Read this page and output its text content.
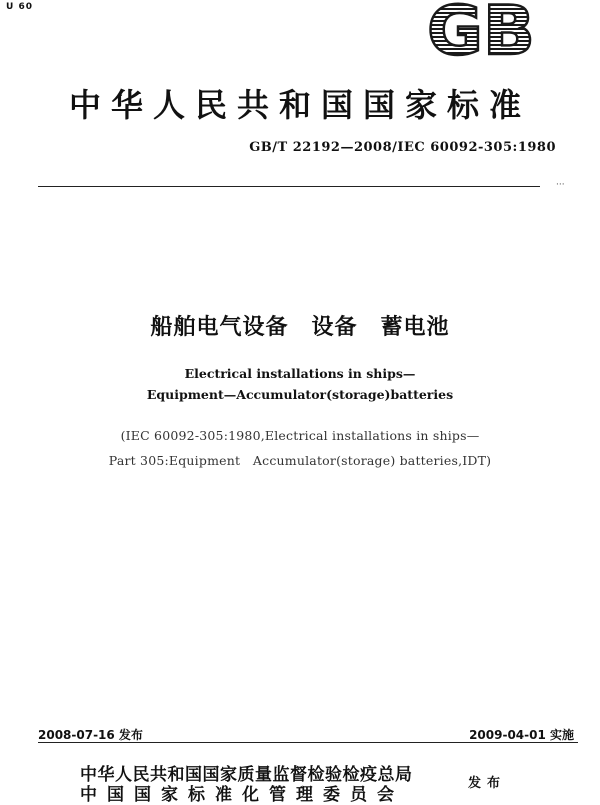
U 60	GB
中华人民共和国国家标准
GB/T 22192—2008/IEC 60092-305:1980
···
船舶电气设备　设备　蓄电池
Electrical installations in ships—
Equipment—Accumulator(storage)batteries
(IEC 60092-305:1980,Electrical installations in ships—
Part 305:Equipment　Accumulator(storage) batteries,IDT)
2008-07-16 发布	2009-04-01 实施
中华人民共和国国家质量监督检验检疫总局
中国国家标准化管理委员会
发布
